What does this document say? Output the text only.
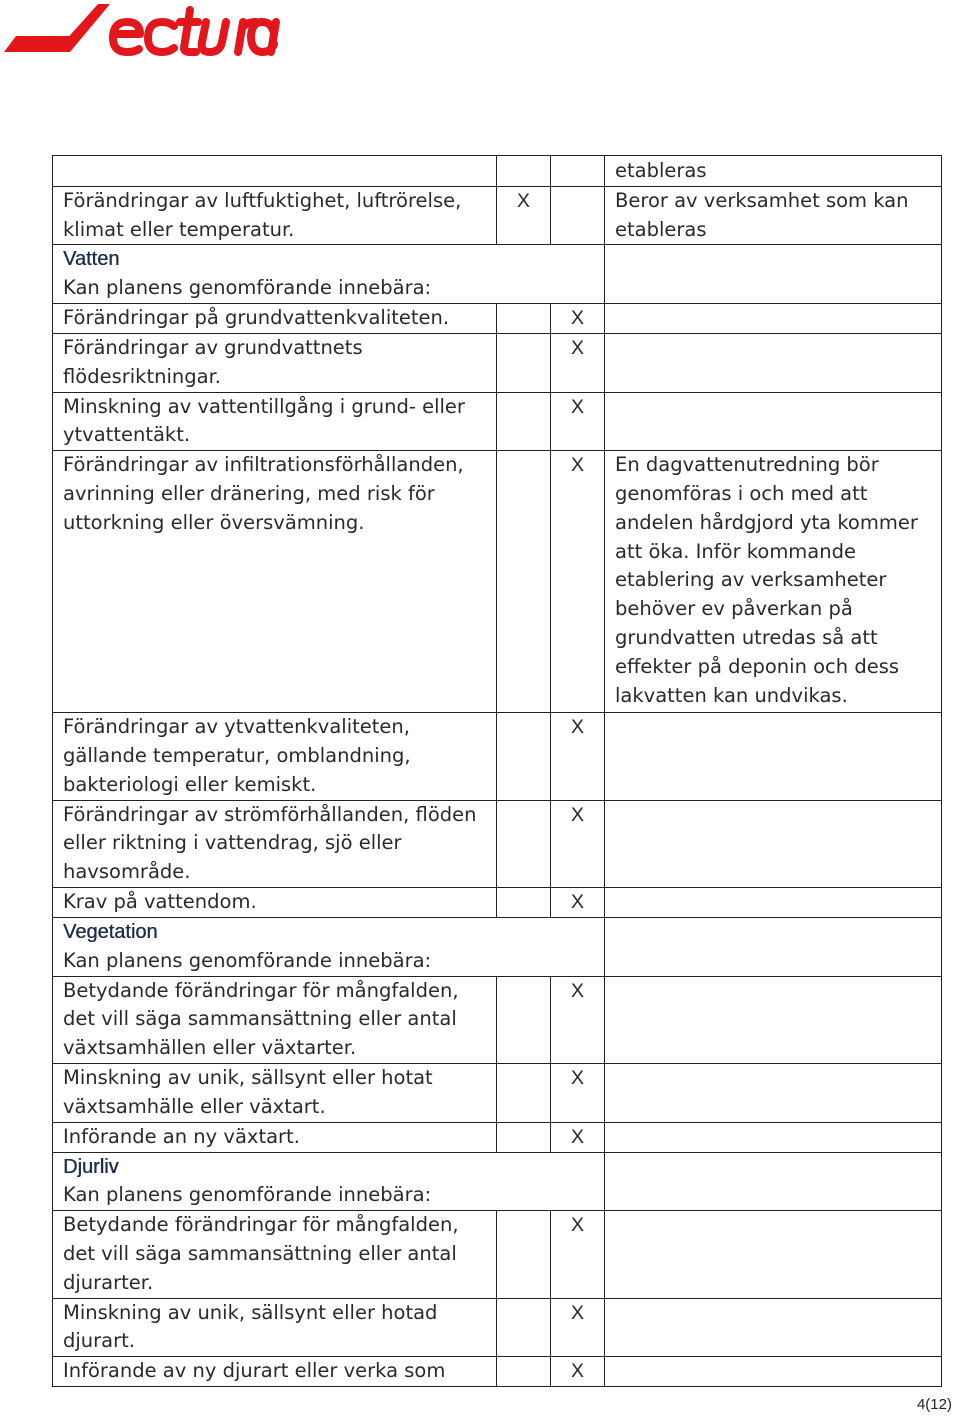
			etableras
Förändringar av luftfuktighet, luftrörelse, klimat eller temperatur.	X		Beror av verksamhet som kan etableras

Vatten
Kan planens genomförande innebära:			

Förändringar på grundvattenkvaliteten.		X	
Förändringar av grundvattnets flödesriktningar.		X	
Minskning av vattentillgång i grund- eller ytvattentäkt.		X	
Förändringar av infiltrationsförhållanden, avrinning eller dränering, med risk för uttorkning eller översvämning.		X	En dagvattenutredning bör genomföras i och med att andelen hårdgjord yta kommer att öka. Inför kommande etablering av verksamheter behöver ev påverkan på grundvatten utredas så att effekter på deponin och dess lakvatten kan undvikas.
Förändringar av ytvattenkvaliteten, gällande temperatur, omblandning, bakteriologi eller kemiskt.		X	
Förändringar av strömförhållanden, flöden eller riktning i vattendrag, sjö eller havsområde.		X	
Krav på vattendom.		X	

Vegetation
Kan planens genomförande innebära:			

Betydande förändringar för mångfalden, det vill säga sammansättning eller antal växtsamhällen eller växtarter.		X	
Minskning av unik, sällsynt eller hotat växtsamhälle eller växtart.		X	
Införande an ny växtart.		X	

Djurliv
Kan planens genomförande innebära:			

Betydande förändringar för mångfalden, det vill säga sammansättning eller antal djurarter.		X	
Minskning av unik, sällsynt eller hotad djurart.		X	
Införande av ny djurart eller verka som		X	
4(12)
